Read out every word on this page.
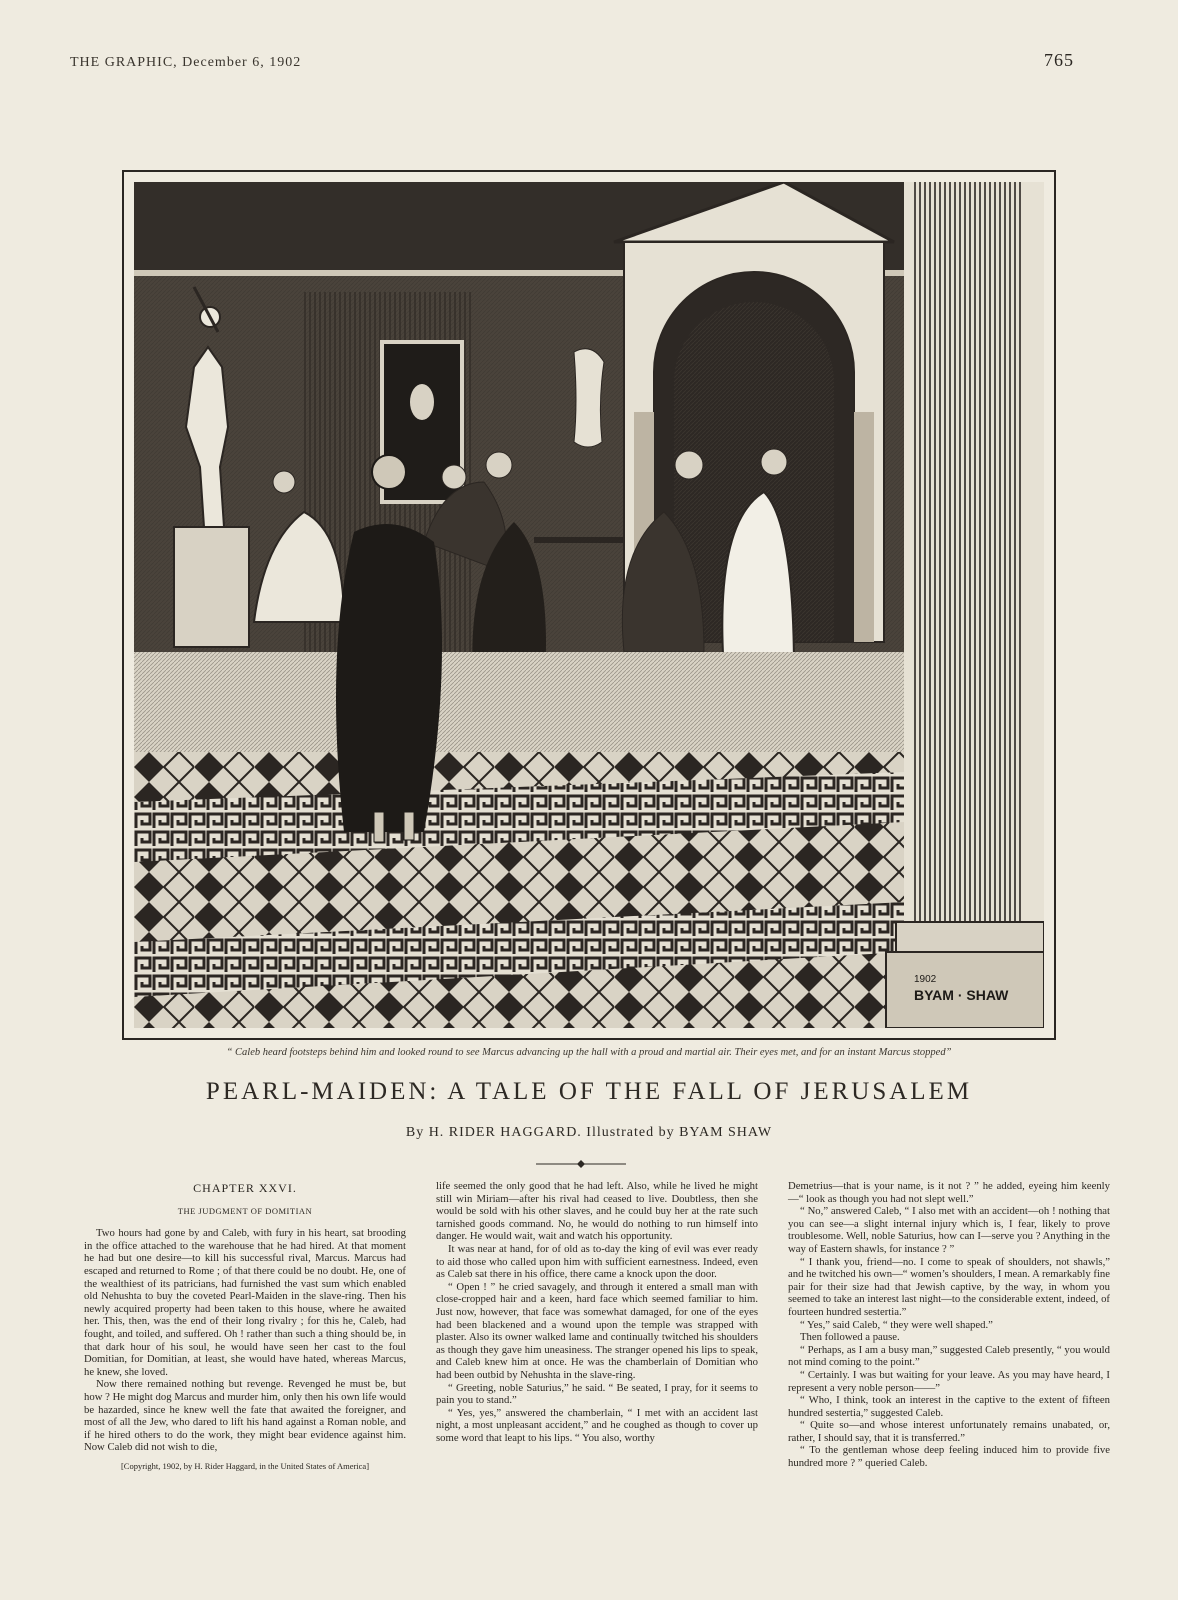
THE GRAPHIC, December 6, 1902	765
1902
BYAM · SHAW
“ Caleb heard footsteps behind him and looked round to see Marcus advancing up the hall with a proud and martial air. Their eyes met, and for an instant Marcus stopped”
PEARL-MAIDEN: A TALE OF THE FALL OF JERUSALEM
By H. RIDER HAGGARD. Illustrated by BYAM SHAW
CHAPTER XXVI.
THE JUDGMENT OF DOMITIAN

Two hours had gone by and Caleb, with fury in his heart, sat brooding in the office attached to the warehouse that he had hired. At that moment he had but one desire—to kill his successful rival, Marcus. Marcus had escaped and returned to Rome ; of that there could be no doubt. He, one of the wealthiest of its patricians, had furnished the vast sum which enabled old Nehushta to buy the coveted Pearl-Maiden in the slave-ring. Then his newly acquired property had been taken to this house, where he awaited her. This, then, was the end of their long rivalry ; for this he, Caleb, had fought, and toiled, and suffered. Oh ! rather than such a thing should be, in that dark hour of his soul, he would have seen her cast to the foul Domitian, for Domitian, at least, she would have hated, whereas Marcus, he knew, she loved.

Now there remained nothing but revenge. Revenged he must be, but how ? He might dog Marcus and murder him, only then his own life would be hazarded, since he knew well the fate that awaited the foreigner, and most of all the Jew, who dared to lift his hand against a Roman noble, and if he hired others to do the work, they might bear evidence against him. Now Caleb did not wish to die,

[Copyright, 1902, by H. Rider Haggard, in the United States of America]

life seemed the only good that he had left. Also, while he lived he might still win Miriam—after his rival had ceased to live. Doubtless, then she would be sold with his other slaves, and he could buy her at the rate such tarnished goods command. No, he would do nothing to run himself into danger. He would wait, wait and watch his opportunity.

It was near at hand, for of old as to-day the king of evil was ever ready to aid those who called upon him with sufficient earnestness. Indeed, even as Caleb sat there in his office, there came a knock upon the door.

“ Open ! ” he cried savagely, and through it entered a small man with close-cropped hair and a keen, hard face which seemed familiar to him. Just now, however, that face was somewhat damaged, for one of the eyes had been blackened and a wound upon the temple was strapped with plaster. Also its owner walked lame and continually twitched his shoulders as though they gave him uneasiness. The stranger opened his lips to speak, and Caleb knew him at once. He was the chamberlain of Domitian who had been outbid by Nehushta in the slave-ring.

“ Greeting, noble Saturius,” he said. “ Be seated, I pray, for it seems to pain you to stand.”

“ Yes, yes,” answered the chamberlain, “ I met with an accident last night, a most unpleasant accident,” and he coughed as though to cover up some word that leapt to his lips. “ You also, worthy

Demetrius—that is your name, is it not ? ” he added, eyeing him keenly—“ look as though you had not slept well.”

“ No,” answered Caleb, “ I also met with an accident—oh ! nothing that you can see—a slight internal injury which is, I fear, likely to prove troublesome. Well, noble Saturius, how can I—serve you ? Anything in the way of Eastern shawls, for instance ? ”

“ I thank you, friend—no. I come to speak of shoulders, not shawls,” and he twitched his own—“ women’s shoulders, I mean. A remarkably fine pair for their size had that Jewish captive, by the way, in whom you seemed to take an interest last night—to the considerable extent, indeed, of fourteen hundred sestertia.”

“ Yes,” said Caleb, “ they were well shaped.”

Then followed a pause.

“ Perhaps, as I am a busy man,” suggested Caleb presently, “ you would not mind coming to the point.”

“ Certainly. I was but waiting for your leave. As you may have heard, I represent a very noble person——”

“ Who, I think, took an interest in the captive to the extent of fifteen hundred sestertia,” suggested Caleb.

“ Quite so—and whose interest unfortunately remains unabated, or, rather, I should say, that it is transferred.”

“ To the gentleman whose deep feeling induced him to provide five hundred more ? ” queried Caleb.
